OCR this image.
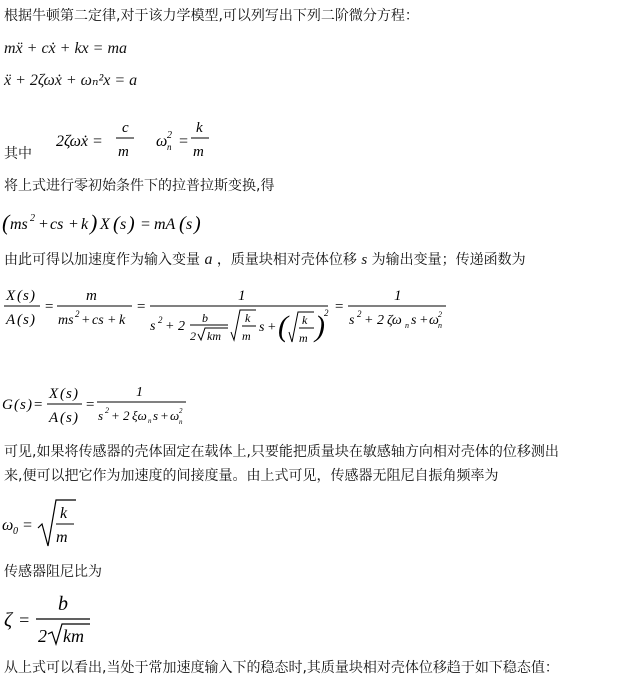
根据牛顿第二定律,对于该力学模型,可以列写出下列二阶微分方程：
mẍ + cẋ + kx = ma
ẍ + 2ζωẋ + ωₙ²x = a
其中
2ζωẋ =
c
m
ω 2
n =
k
m
将上式进行零初始条件下的拉普拉斯变换,得
( ms 2 + cs + k ) X ( s ) = mA ( s )
由此可得以加速度作为输入变量 a ，质量块相对壳体位移 s 为输出变量；传递函数为
X ( s )
A ( s )
=
m
ms 2 + cs + k
=
1
s 2 + 2
b
2 km
k
m
s + ( k
m ) 2 =
1
s 2 + 2 ζω n s + ω 2
n
G ( s ) =
X ( s )
A ( s )
=
1
s 2 + 2 ξω n s + ω 2
n
可见,如果将传感器的壳体固定在载体上,只要能把质量块在敏感轴方向相对壳体的位移测出
来,便可以把它作为加速度的间接度量。由上式可见，传感器无阻尼自振角频率为
ω 0 =
k
m
传感器阻尼比为
ζ =
b
2 km
从上式可以看出,当处于常加速度输入下的稳态时,其质量块相对壳体位移趋于如下稳态值：
